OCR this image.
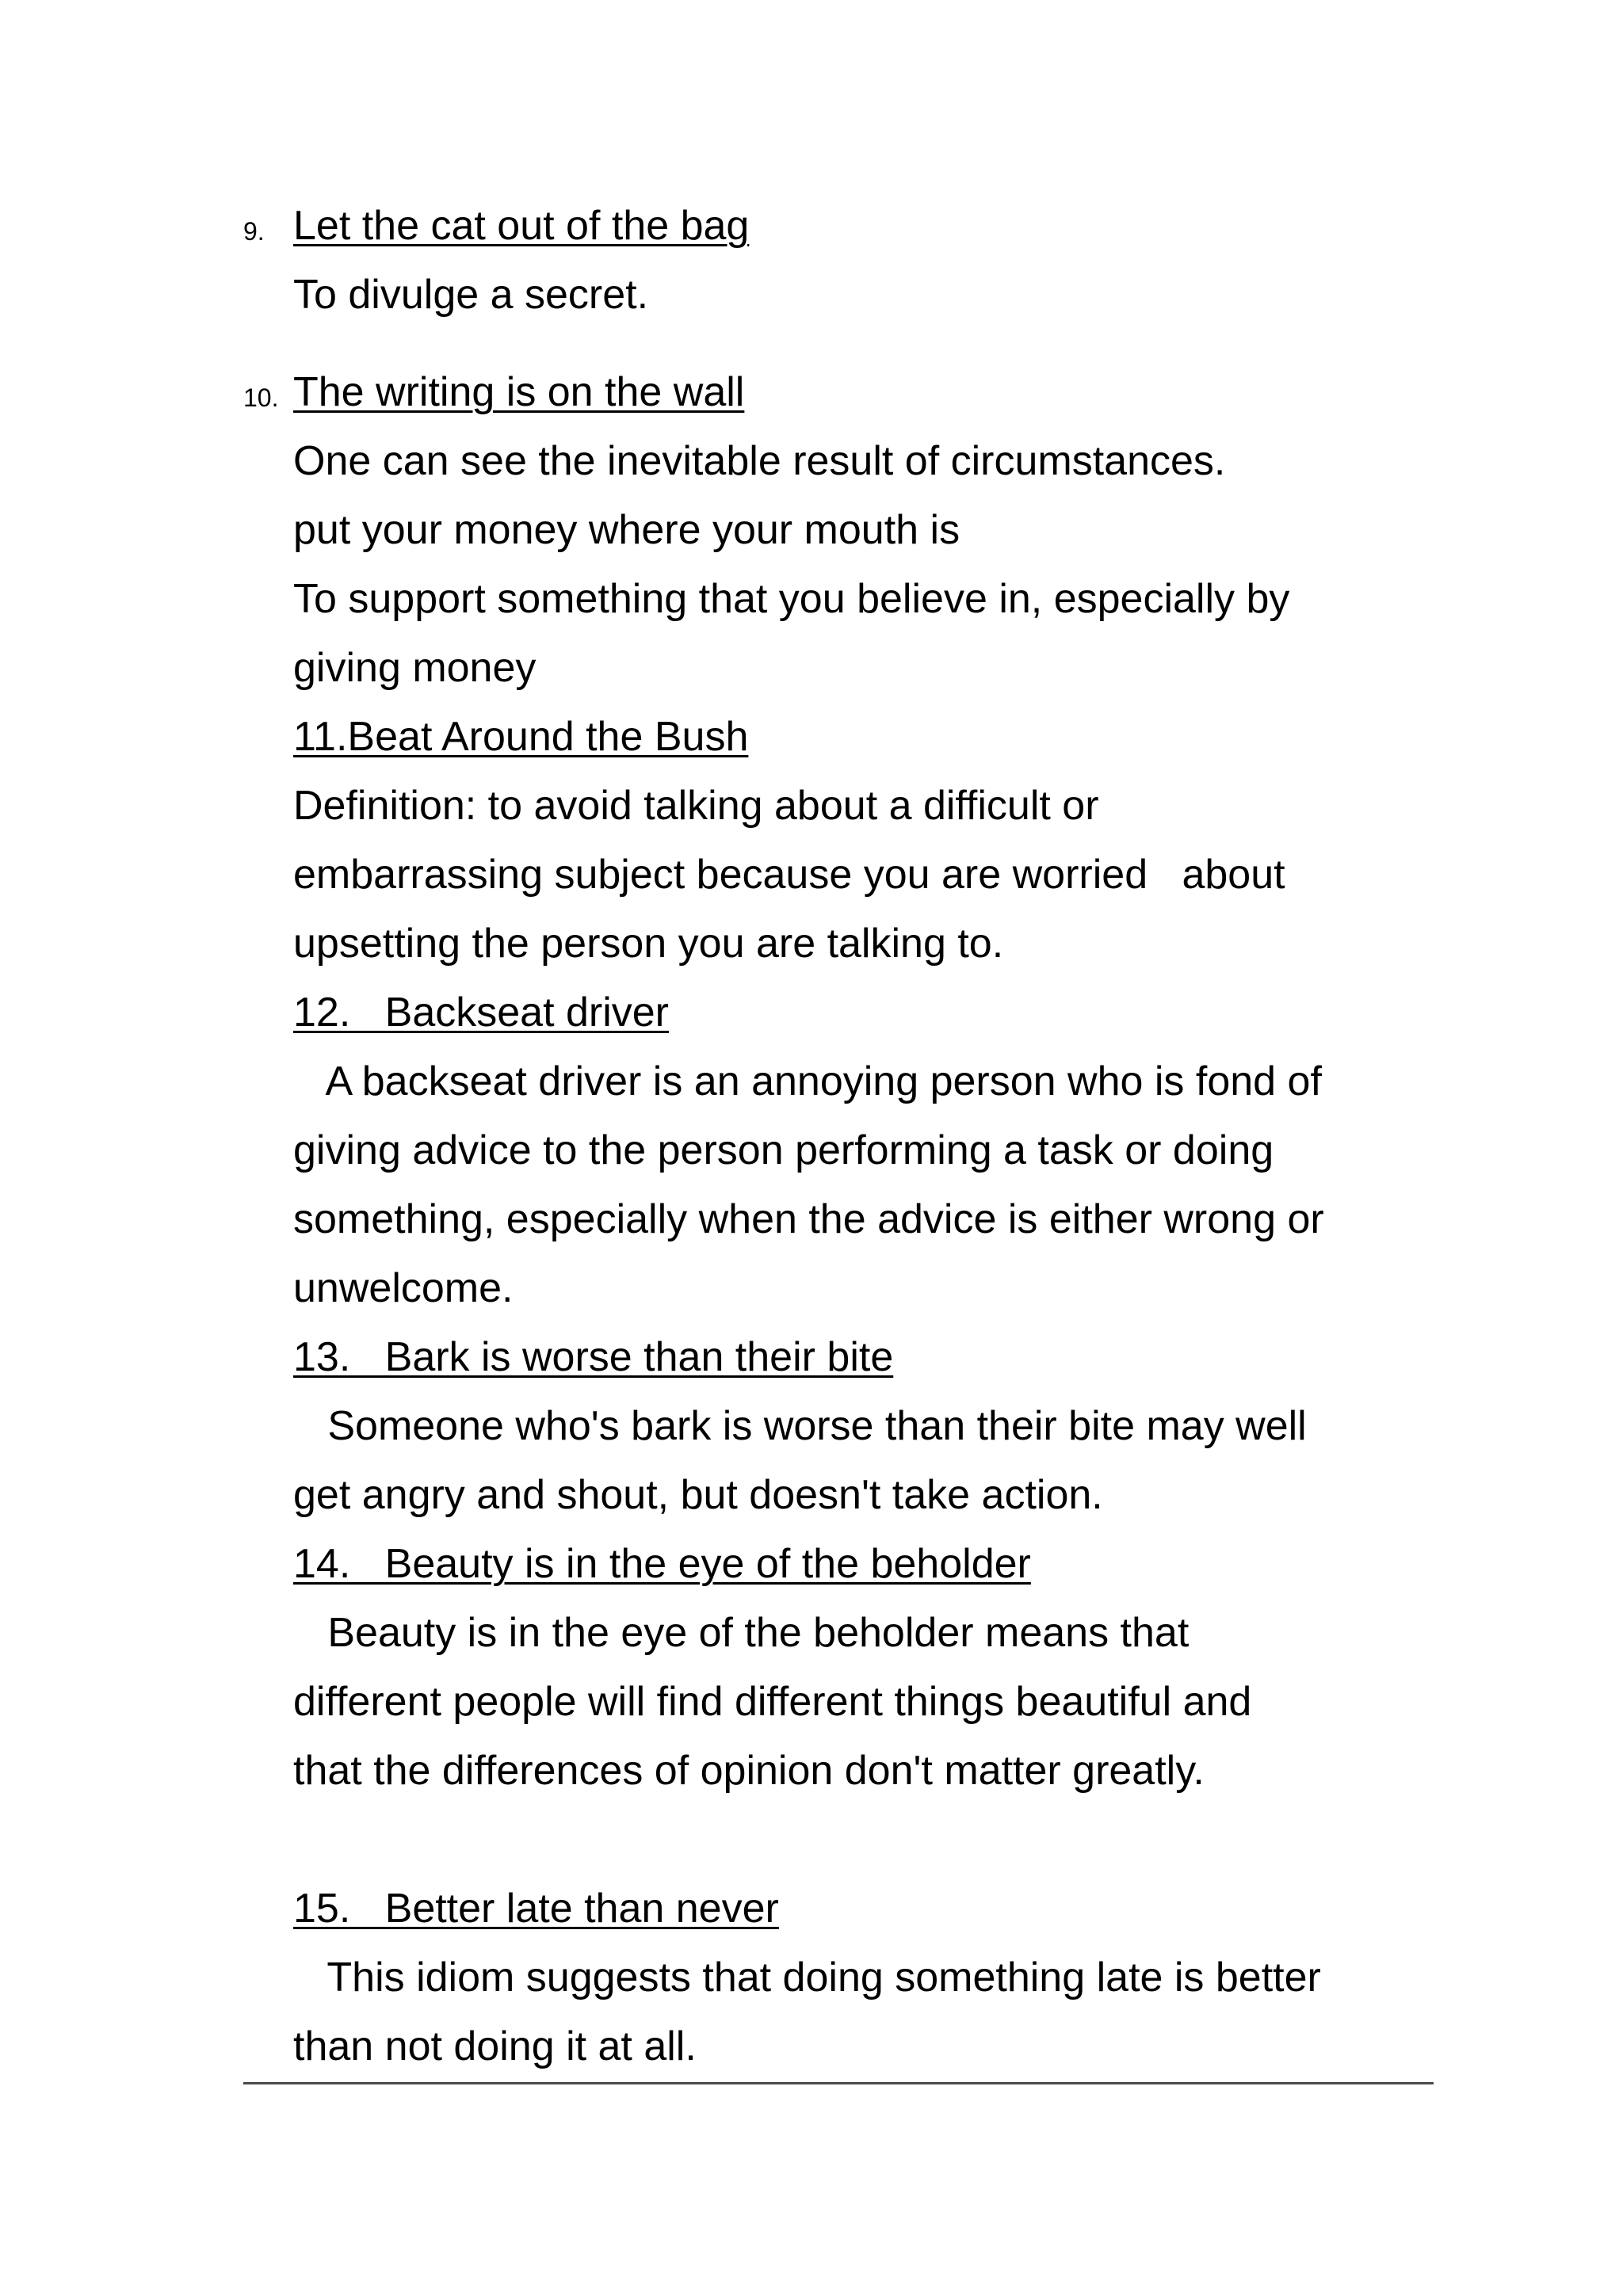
9. Let the cat out of the bag
To divulge a secret.
10. The writing is on the wall
One can see the inevitable result of circumstances.
put your money where your mouth is
To support something that you believe in, especially by
giving money
11.Beat Around the Bush
Definition: to avoid talking about a difficult or
embarrassing subject because you are worried   about
upsetting the person you are talking to.
12.   Backseat driver
A backseat driver is an annoying person who is fond of
giving advice to the person performing a task or doing
something, especially when the advice is either wrong or
unwelcome.
13.   Bark is worse than their bite
Someone who's bark is worse than their bite may well
get angry and shout, but doesn't take action.
14.   Beauty is in the eye of the beholder
Beauty is in the eye of the beholder means that
different people will find different things beautiful and
that the differences of opinion don't matter greatly.
15.   Better late than never
This idiom suggests that doing something late is better
than not doing it at all.
